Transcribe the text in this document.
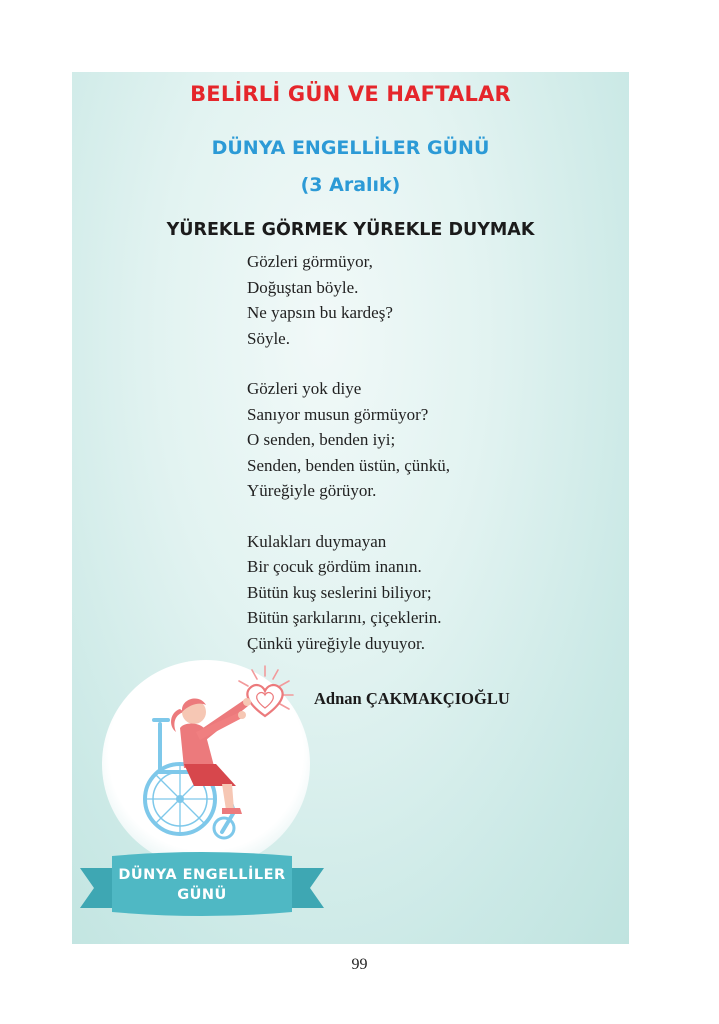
BELİRLİ GÜN VE HAFTALAR
DÜNYA ENGELLİLER GÜNÜ
(3 Aralık)
YÜREKLE GÖRMEK YÜREKLE DUYMAK
Gözleri görmüyor,
Doğuştan böyle.
Ne yapsın bu kardeş?
Söyle.
Gözleri yok diye
Sanıyor musun görmüyor?
O senden, benden iyi;
Senden, benden üstün, çünkü,
Yüreğiyle görüyor.
Kulakları duymayan
Bir çocuk gördüm inanın.
Bütün kuş seslerini biliyor;
Bütün şarkılarını, çiçeklerin.
Çünkü yüreğiyle duyuyor.
Adnan ÇAKMAKÇIOĞLU
DÜNYA ENGELLİLER
GÜNÜ
99
